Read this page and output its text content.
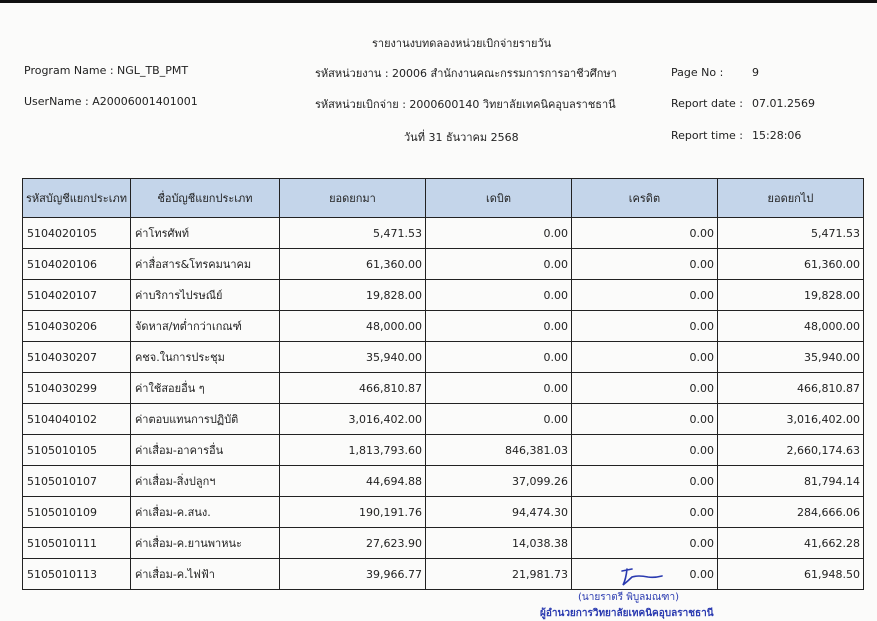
รายงานงบทดลองหน่วยเบิกจ่ายรายวัน
Program Name : NGL_TB_PMT
UserName : A20006001401001
รหัสหน่วยงาน : 20006 สำนักงานคณะกรรมการการอาชีวศึกษา
รหัสหน่วยเบิกจ่าย : 2000600140 วิทยาลัยเทคนิคอุบลราชธานี
วันที่ 31 ธันวาคม 2568
Page No :	9
Report date : 07.01.2569
Report time : 15:28:06
รหัสบัญชีแยกประเภท	ชื่อบัญชีแยกประเภท	ยอดยกมา	เดบิต	เครดิต	ยอดยกไป
5104020105	ค่าโทรศัพท์	5,471.53	0.00	0.00	5,471.53
5104020106	ค่าสื่อสาร&โทรคมนาคม	61,360.00	0.00	0.00	61,360.00
5104020107	ค่าบริการไปรษณีย์	19,828.00	0.00	0.00	19,828.00
5104030206	จัดหาส/ทต่ำกว่าเกณฑ์	48,000.00	0.00	0.00	48,000.00
5104030207	คชจ.ในการประชุม	35,940.00	0.00	0.00	35,940.00
5104030299	ค่าใช้สอยอื่น ๆ	466,810.87	0.00	0.00	466,810.87
5104040102	ค่าตอบแทนการปฏิบัติ	3,016,402.00	0.00	0.00	3,016,402.00
5105010105	ค่าเสื่อม-อาคารอื่น	1,813,793.60	846,381.03	0.00	2,660,174.63
5105010107	ค่าเสื่อม-สิ่งปลูกฯ	44,694.88	37,099.26	0.00	81,794.14
5105010109	ค่าเสื่อม-ค.สนง.	190,191.76	94,474.30	0.00	284,666.06
5105010111	ค่าเสื่อม-ค.ยานพาหนะ	27,623.90	14,038.38	0.00	41,662.28
5105010113	ค่าเสื่อม-ค.ไฟฟ้า	39,966.77	21,981.73	0.00	61,948.50
(นายราตรี พิบูลมณฑา)
ผู้อำนวยการวิทยาลัยเทคนิคอุบลราชธานี
